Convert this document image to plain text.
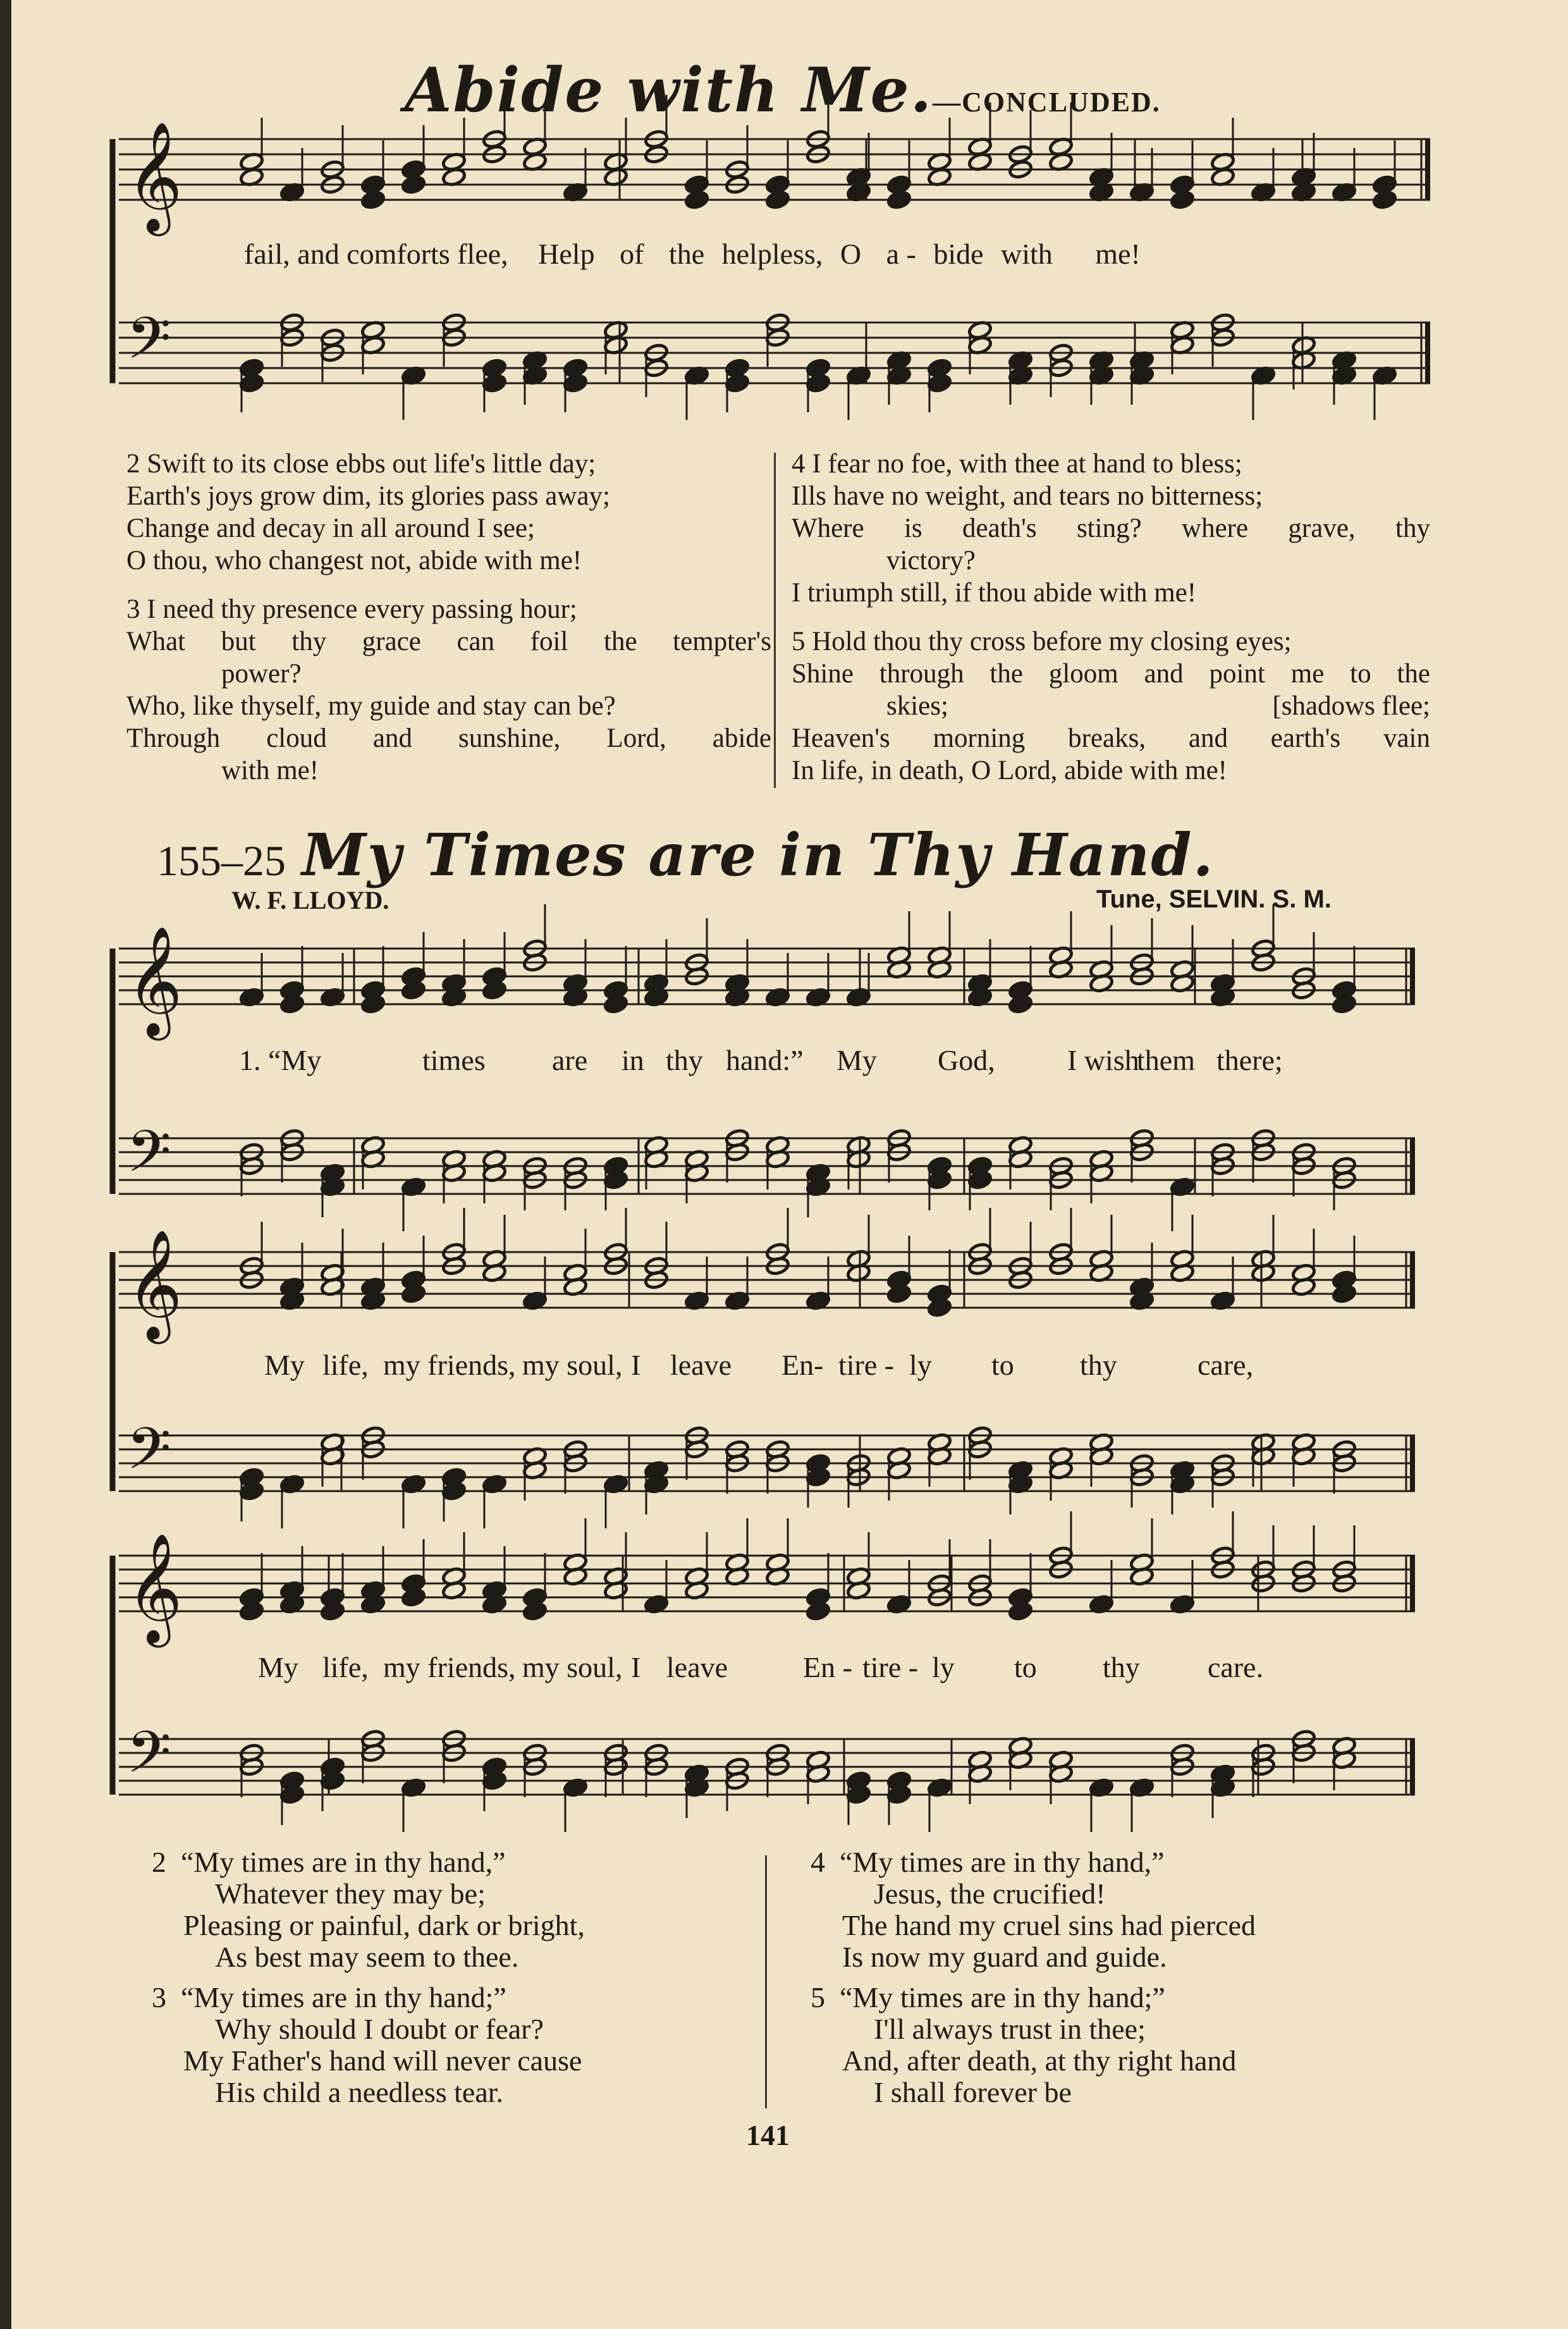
Abide with Me.—CONCLUDED.
𝄞
𝄢
𝄞
𝄢
𝄞
𝄢
𝄞
𝄢
fail, and comforts flee, Help of the helpless, O a - bide with me!

2 Swift to its close ebbs out life's little day;

Earth's joys grow dim, its glories pass away;

Change and decay in all around I see;

O thou, who changest not, abide with me!

3 I need thy presence every passing hour;

What but thy grace can foil the tempter's

power?

Who, like thyself, my guide and stay can be?

Through cloud and sunshine, Lord, abide

with me!

4 I fear no foe, with thee at hand to bless;

Ills have no weight, and tears no bitterness;

Where is death's sting? where grave, thy

victory?

I triumph still, if thou abide with me!

5 Hold thou thy cross before my closing eyes;

Shine through the gloom and point me to the

skies;	[shadows flee;

Heaven's morning breaks, and earth's vain

In life, in death, O Lord, abide with me!

155–25 My Times are in Thy Hand.
W. F. LLOYD.	Tune, SELVIN. S. M.
1. “My	times are in thy hand:” My God, I wishthem there;
My life, my friends, my soul, I leave En- tire - ly to thy	care,
My life, my friends, my soul, I leave	En - tire - ly to thy care.

2 “My times are in thy hand,”

Whatever they may be;

Pleasing or painful, dark or bright,

As best may seem to thee.

3 “My times are in thy hand;”

Why should I doubt or fear?

My Father's hand will never cause

His child a needless tear.

4 “My times are in thy hand,”

Jesus, the crucified!

The hand my cruel sins had pierced

Is now my guard and guide.

5 “My times are in thy hand;”

I'll always trust in thee;

And, after death, at thy right hand

I shall forever be

141
